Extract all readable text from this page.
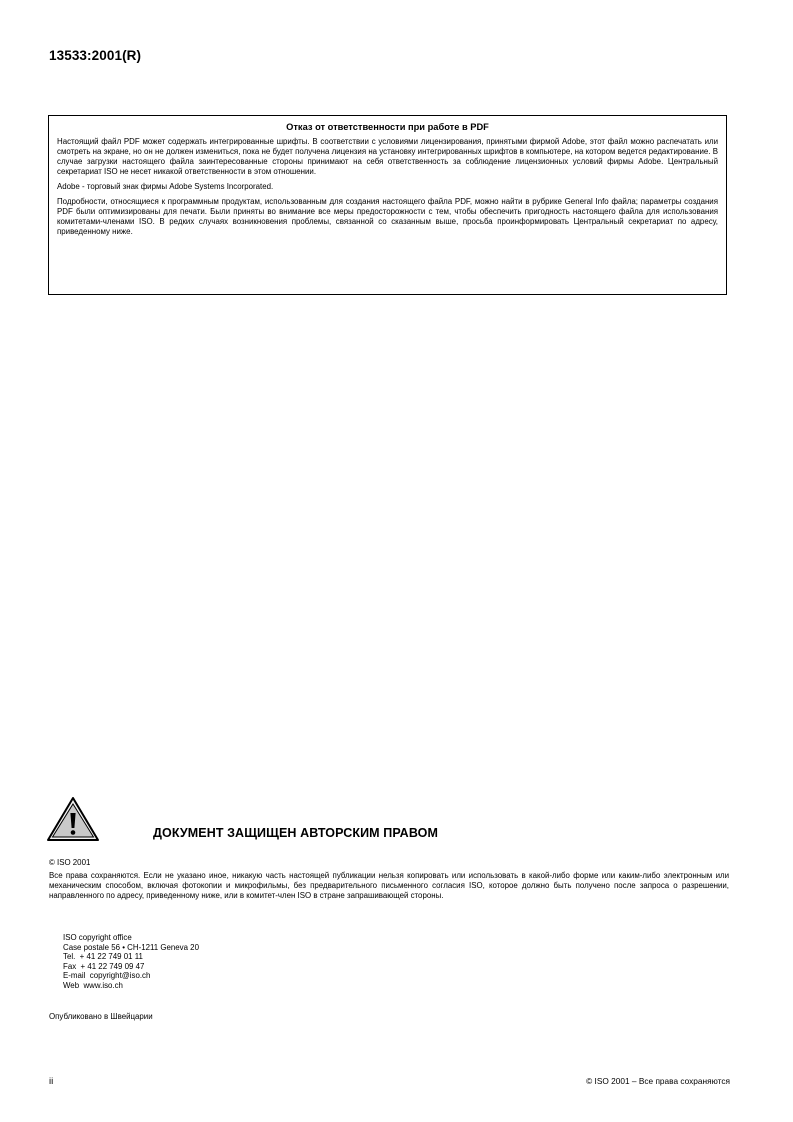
13533:2001(R)
Отказ от ответственности при работе в PDF

Настоящий файл PDF может содержать интегрированные шрифты. В соответствии с условиями лицензирования, принятыми фирмой Adobe, этот файл можно распечатать или смотреть на экране, но он не должен измениться, пока не будет получена лицензия на установку интегрированных шрифтов в компьютере, на котором ведется редактирование. В случае загрузки настоящего файла заинтересованные стороны принимают на себя ответственность за соблюдение лицензионных условий фирмы Adobe. Центральный секретариат ISO не несет никакой ответственности в этом отношении.

Adobe - торговый знак фирмы Adobe Systems Incorporated.

Подробности, относящиеся к программным продуктам, использованным для создания настоящего файла PDF, можно найти в рубрике General Info файла; параметры создания PDF были оптимизированы для печати. Были приняты во внимание все меры предосторожности с тем, чтобы обеспечить пригодность настоящего файла для использования комитетами-членами ISO. В редких случаях возникновения проблемы, связанной со сказанным выше, просьба проинформировать Центральный секретариат по адресу, приведенному ниже.

ДОКУМЕНТ ЗАЩИЩЕН АВТОРСКИМ ПРАВОМ

© ISO 2001

Все права сохраняются. Если не указано иное, никакую часть настоящей публикации нельзя копировать или использовать в какой-либо форме или каким-либо электронным или механическим способом, включая фотокопии и микрофильмы, без предварительного письменного согласия ISO, которое должно быть получено после запроса о разрешении, направленного по адресу, приведенному ниже, или в комитет-член ISO в стране запрашивающей стороны.

ISO copyright office
Case postale 56 • CH-1211 Geneva 20
Tel.  + 41 22 749 01 11
Fax  + 41 22 749 09 47
E-mail  copyright@iso.ch
Web  www.iso.ch
Опубликовано в Швейцарии
ii	© ISO 2001 – Все права сохраняются
